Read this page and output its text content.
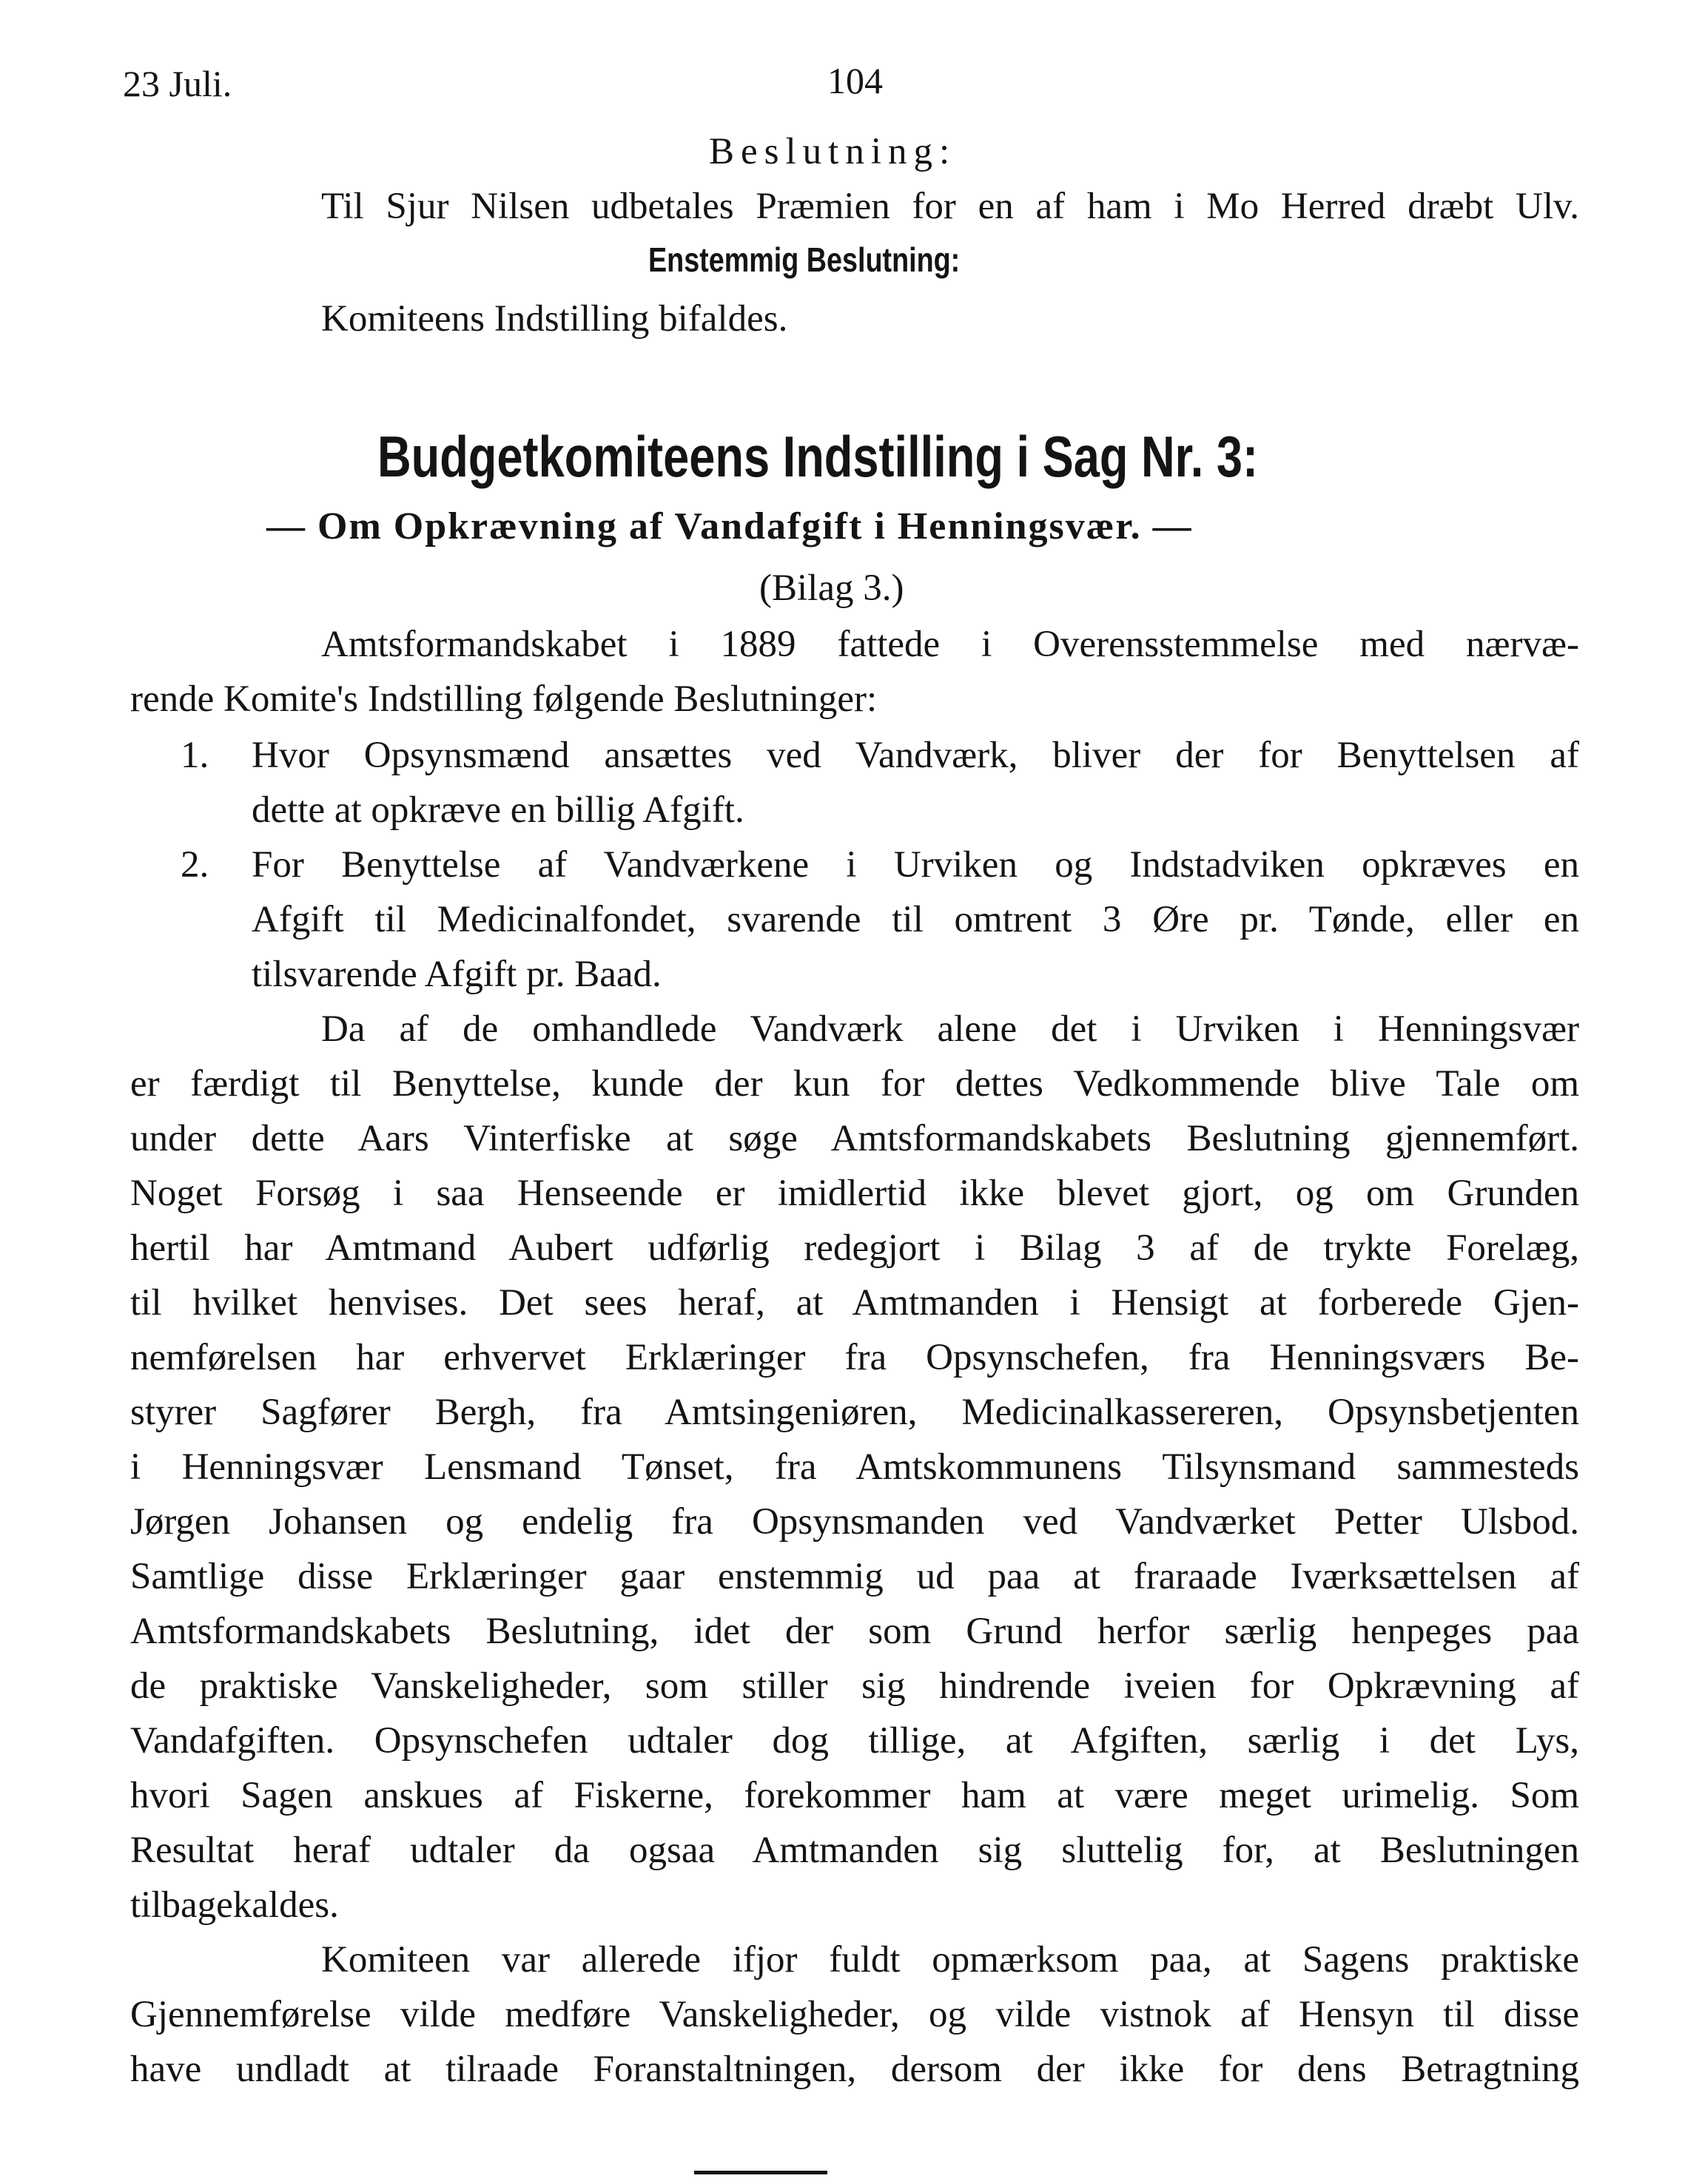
23 Juli.	104
Beslutning:
Til Sjur Nilsen udbetales Præmien for en af ham i Mo Herred dræbt Ulv.
Enstemmig Beslutning:
Komiteens Indstilling bifaldes.
Budgetkomiteens Indstilling i Sag Nr. 3:
— Om Opkrævning af Vandafgift i Henningsvær. —
(Bilag 3.)
Amtsformandskabet i 1889 fattede i Overensstemmelse med nærvæ-
rende Komite's Indstilling følgende Beslutninger:
1. Hvor Opsynsmænd ansættes ved Vandværk, bliver der for Benyttelsen af
dette at opkræve en billig Afgift.
2. For Benyttelse af Vandværkene i Urviken og Indstadviken opkræves en
Afgift til Medicinalfondet, svarende til omtrent 3 Øre pr. Tønde, eller en
tilsvarende Afgift pr. Baad.
Da af de omhandlede Vandværk alene det i Urviken i Henningsvær
er færdigt til Benyttelse, kunde der kun for dettes Vedkommende blive Tale om
under dette Aars Vinterfiske at søge Amtsformandskabets Beslutning gjennemført.
Noget Forsøg i saa Henseende er imidlertid ikke blevet gjort, og om Grunden
hertil har Amtmand Aubert udførlig redegjort i Bilag 3 af de trykte Forelæg,
til hvilket henvises. Det sees heraf, at Amtmanden i Hensigt at forberede Gjen-
nemførelsen har erhvervet Erklæringer fra Opsynschefen, fra Henningsværs Be-
styrer Sagfører Bergh, fra Amtsingeniøren, Medicinalkassereren, Opsynsbetjenten
i Henningsvær Lensmand Tønset, fra Amtskommunens Tilsynsmand sammesteds
Jørgen Johansen og endelig fra Opsynsmanden ved Vandværket Petter Ulsbod.
Samtlige disse Erklæringer gaar enstemmig ud paa at fraraade Iværksættelsen af
Amtsformandskabets Beslutning, idet der som Grund herfor særlig henpeges paa
de praktiske Vanskeligheder, som stiller sig hindrende iveien for Opkrævning af
Vandafgiften. Opsynschefen udtaler dog tillige, at Afgiften, særlig i det Lys,
hvori Sagen anskues af Fiskerne, forekommer ham at være meget urimelig. Som
Resultat heraf udtaler da ogsaa Amtmanden sig sluttelig for, at Beslutningen
tilbagekaldes.
Komiteen var allerede ifjor fuldt opmærksom paa, at Sagens praktiske
Gjennemførelse vilde medføre Vanskeligheder, og vilde vistnok af Hensyn til disse
have undladt at tilraade Foranstaltningen, dersom der ikke for dens Betragtning
